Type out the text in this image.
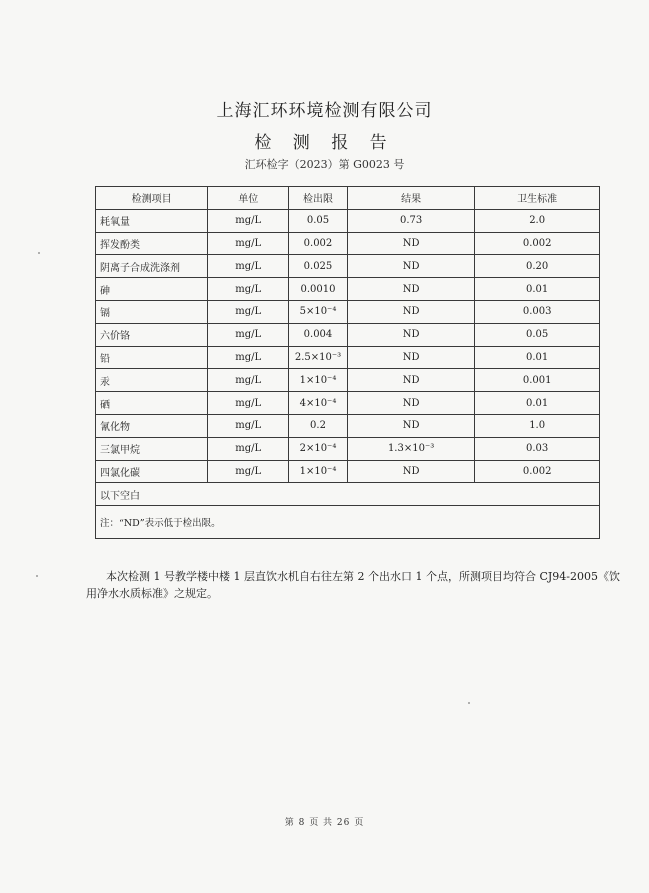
上海汇环环境检测有限公司
检 测 报 告
汇环检字（2023）第 G0023 号
检测项目	单位	检出限	结果	卫生标准
耗氧量	mg/L	0.05	0.73	2.0
挥发酚类	mg/L	0.002	ND	0.002
阴离子合成洗涤剂	mg/L	0.025	ND	0.20
砷	mg/L	0.0010	ND	0.01
镉	mg/L	5×10⁻⁴	ND	0.003
六价铬	mg/L	0.004	ND	0.05
铅	mg/L	2.5×10⁻³	ND	0.01
汞	mg/L	1×10⁻⁴	ND	0.001
硒	mg/L	4×10⁻⁴	ND	0.01
氰化物	mg/L	0.2	ND	1.0
三氯甲烷	mg/L	2×10⁻⁴	1.3×10⁻³	0.03
四氯化碳	mg/L	1×10⁻⁴	ND	0.002
以下空白				
注：“ND”表示低于检出限。				
本次检测 1 号教学楼中楼 1 层直饮水机自右往左第 2 个出水口 1 个点，所测项目均符合 CJ94-2005《饮用净水水质标准》之规定。
第 8 页 共 26 页
